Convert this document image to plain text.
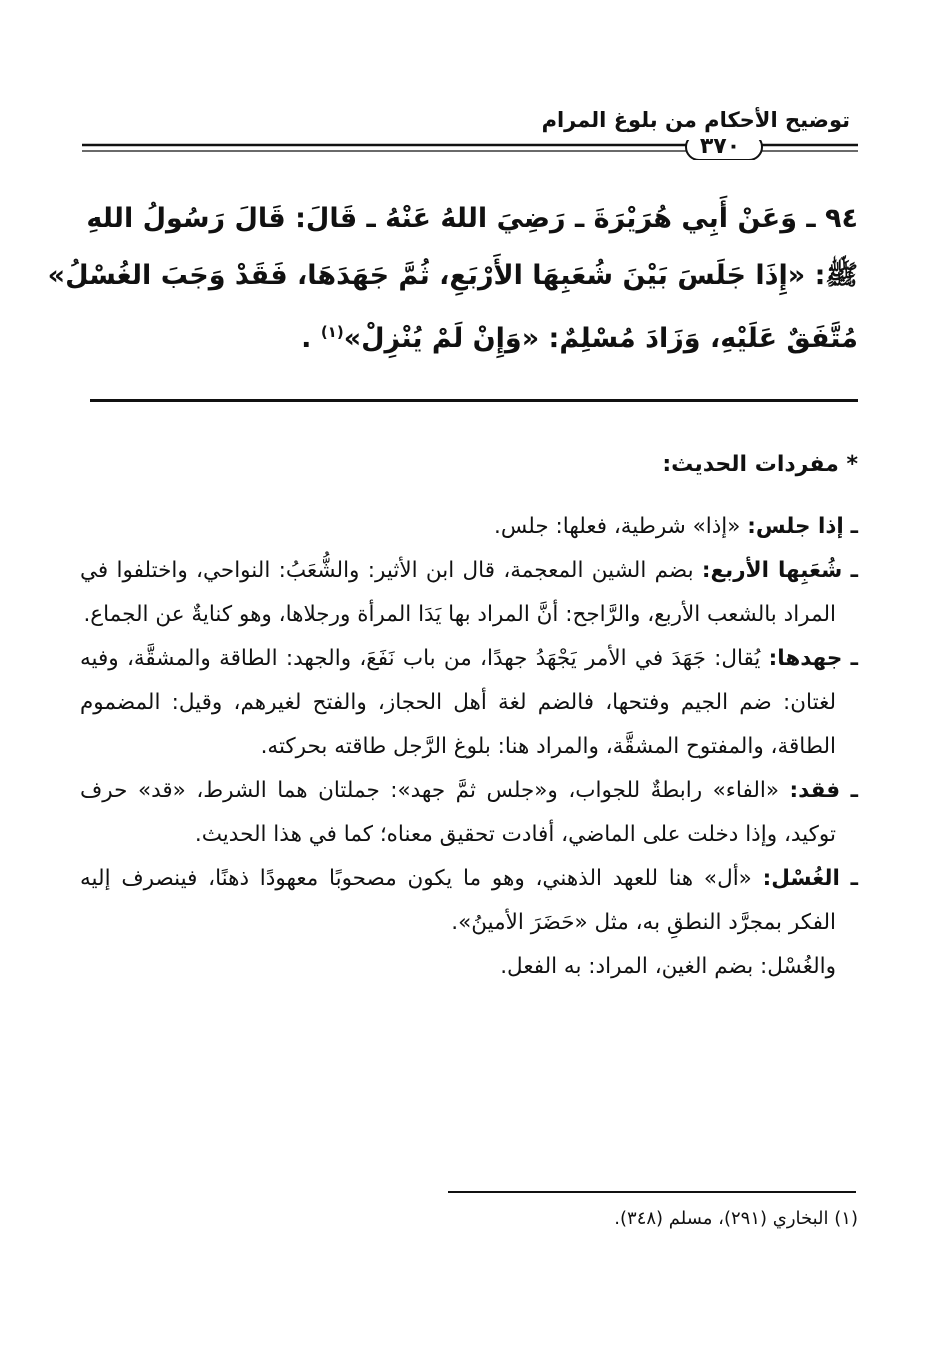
توضيح الأحكام من بلوغ المرام
٣٧٠
٩٤ ـ وَعَنْ أَبِي هُرَيْرَةَ ـ رَضِيَ اللهُ عَنْهُ ـ قَالَ: قَالَ رَسُولُ اللهِ
ﷺ: «إِذَا جَلَسَ بَيْنَ شُعَبِهَا الأَرْبَعِ، ثُمَّ جَهَدَهَا، فَقَدْ وَجَبَ الغُسْلُ»
مُتَّفَقٌ عَلَيْهِ، وَزَادَ مُسْلِمٌ: «وَإِنْ لَمْ يُنْزِلْ»$^{(١)}$ .
* مفردات الحديث:

ـ إذا جلس: «إذا» شرطية، فعلها: جلس.

ـ شُعَبِها الأربع: بضم الشين المعجمة، قال ابن الأثير: والشُّعَبُ: النواحي، واختلفوا في المراد بالشعب الأربع، والرَّاجح: أنَّ المراد بها يَدَا المرأة ورجلاها، وهو كنايةٌ عن الجماع.

ـ جهدها: يُقال: جَهَدَ في الأمر يَجْهَدُ جهدًا، من باب نَفَعَ، والجهد: الطاقة والمشقَّة، وفيه لغتان: ضم الجيم وفتحها، فالضم لغة أهل الحجاز، والفتح لغيرهم، وقيل: المضموم الطاقة، والمفتوح المشقَّة، والمراد هنا: بلوغ الرَّجل طاقته بحركته.

ـ فقد: «الفاء» رابطةٌ للجواب، و«جلس ثمَّ جهد»: جملتان هما الشرط، «قد» حرف توكيد، وإذا دخلت على الماضي، أفادت تحقيق معناه؛ كما في هذا الحديث.

ـ الغُسْل: «أل» هنا للعهد الذهني، وهو ما يكون مصحوبًا معهودًا ذهنًا، فينصرف إليه الفكر بمجرَّد النطقِ به، مثل «حَضَرَ الأمينُ».

والغُسْل: بضم الغين، المراد: به الفعل.

(١) البخاري (٢٩١)، مسلم (٣٤٨).
